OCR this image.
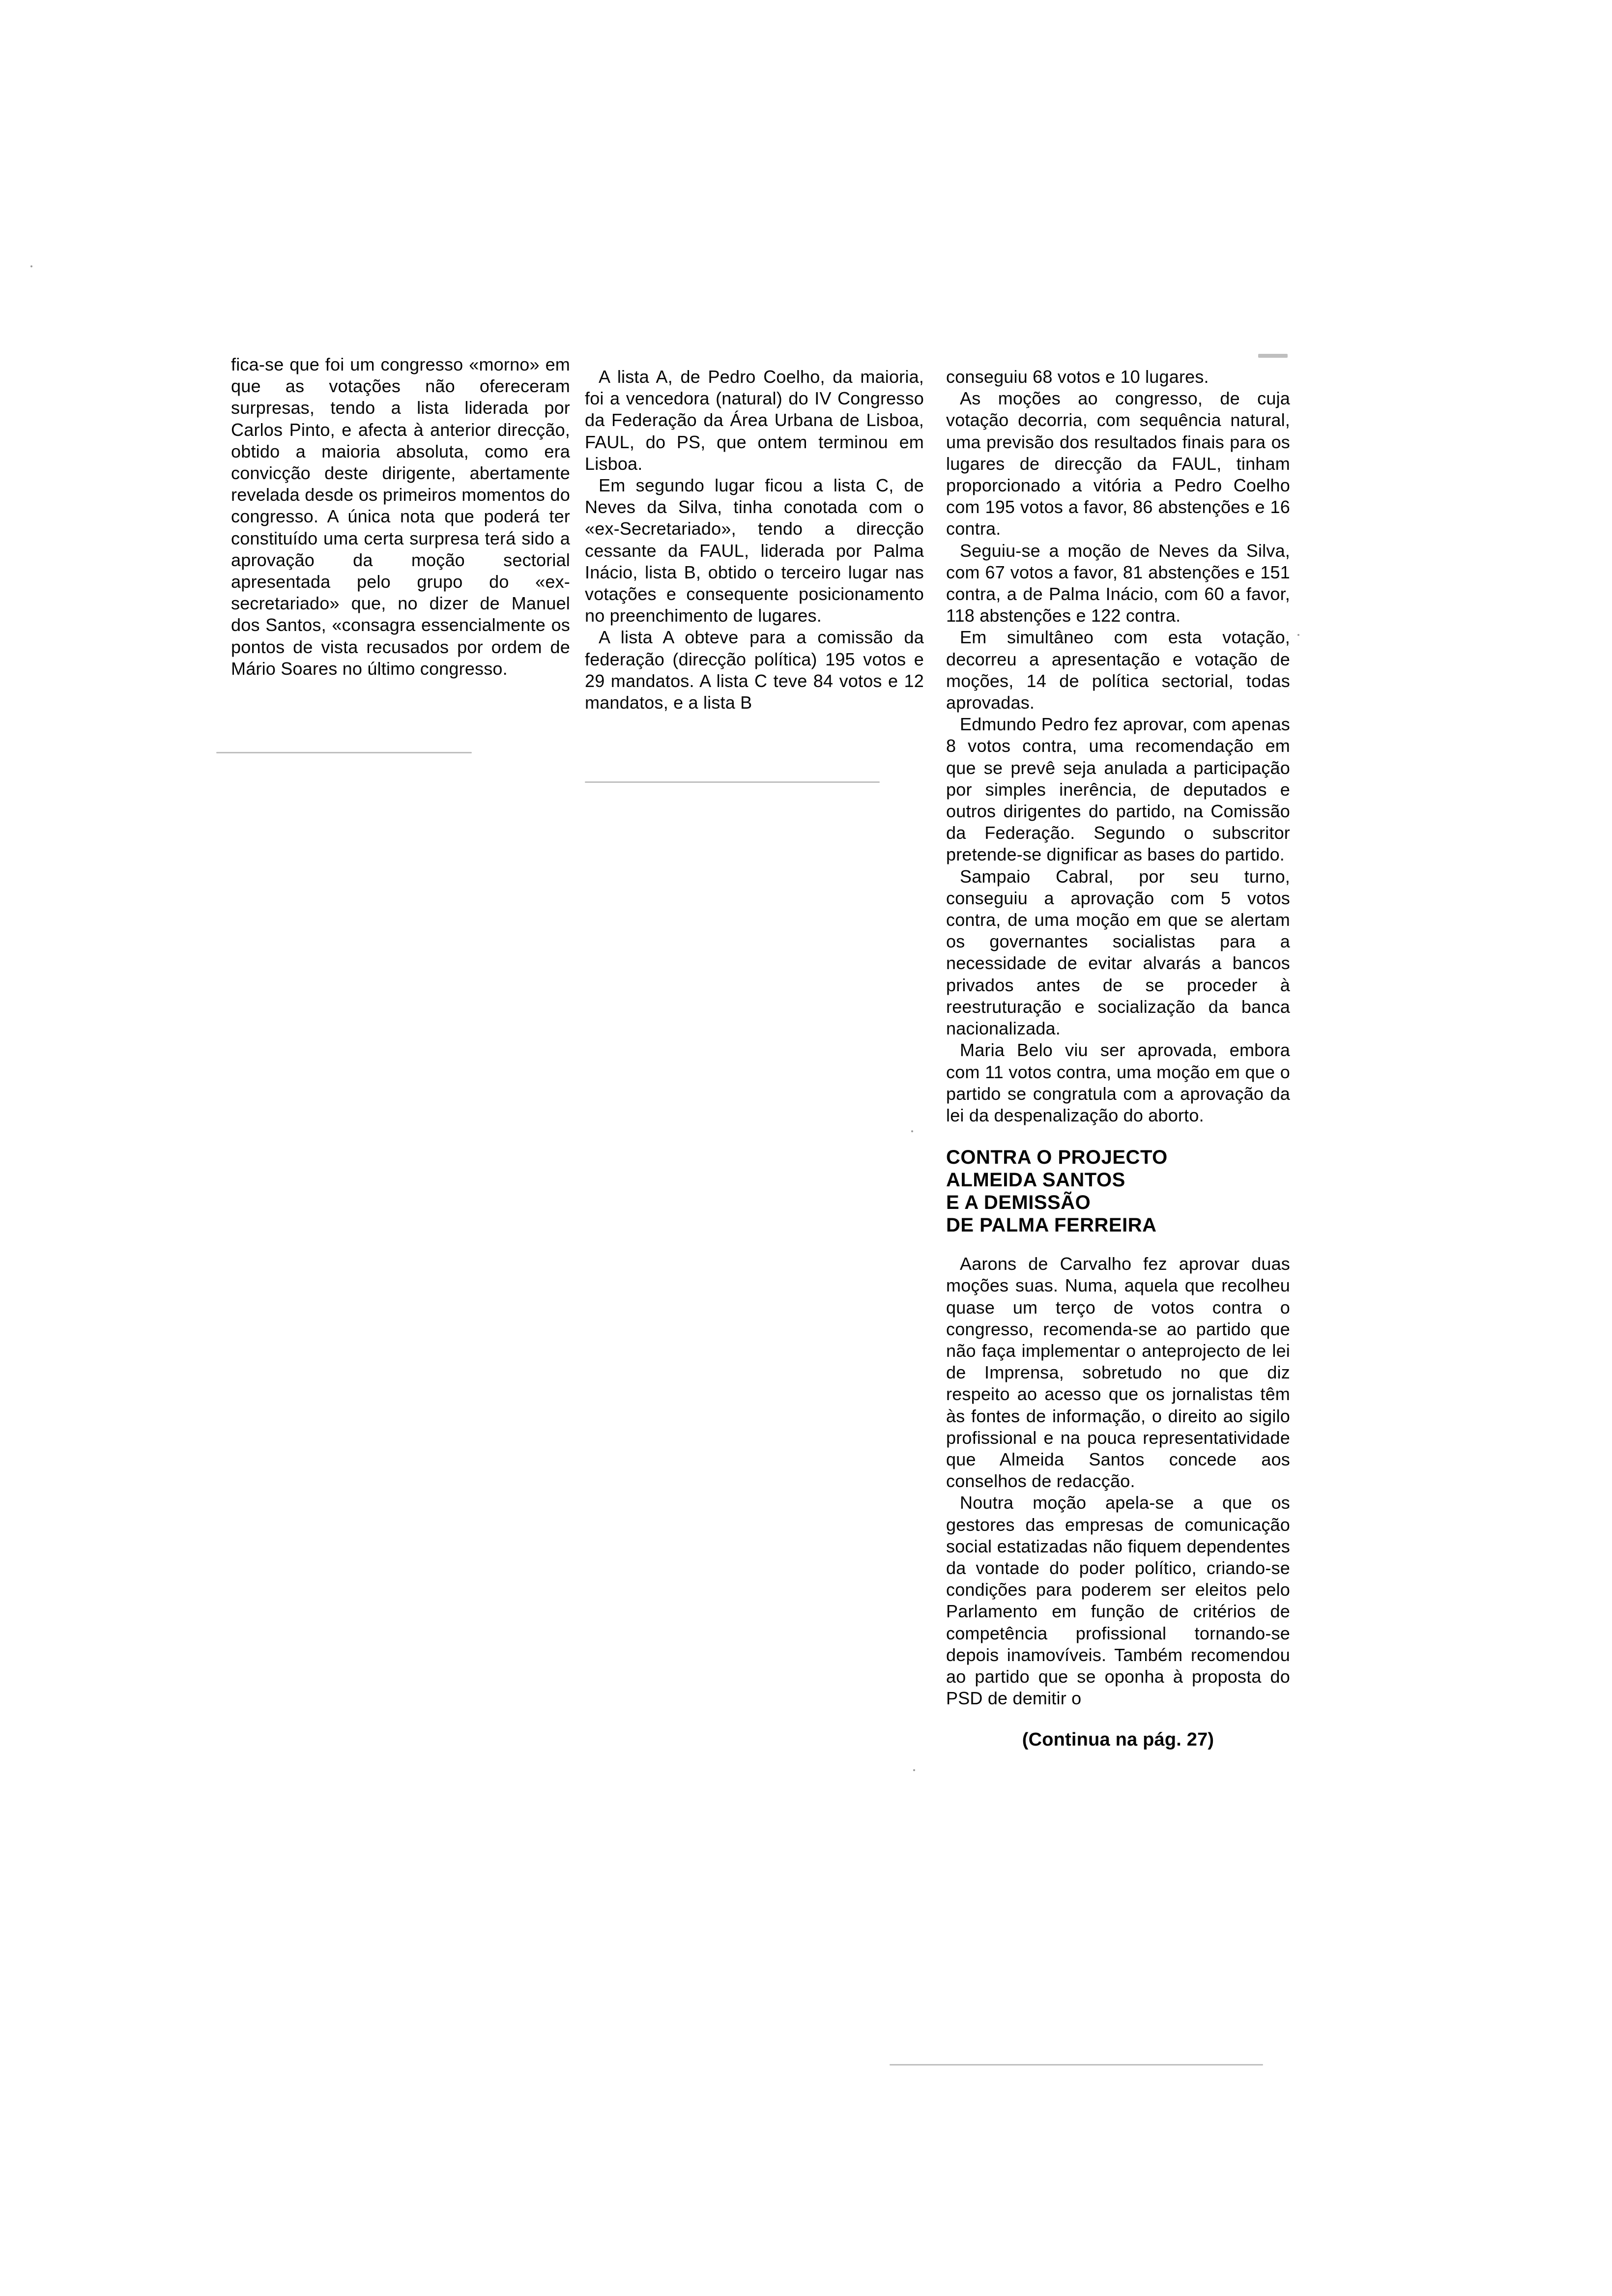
fica-se que foi um congresso «morno» em que as votações não ofereceram surpresas, tendo a lista liderada por Carlos Pinto, e afecta à anterior direcção, obtido a maioria absoluta, como era convicção deste dirigente, abertamente revelada desde os primeiros momentos do congresso. A única nota que poderá ter constituído uma certa surpresa terá sido a aprovação da moção sectorial apresentada pelo grupo do «ex-secretariado» que, no dizer de Manuel dos Santos, «consagra essencialmente os pontos de vista recusados por ordem de Mário Soares no último congresso.

A lista A, de Pedro Coelho, da maioria, foi a vencedora (natural) do IV Congresso da Federação da Área Urbana de Lisboa, FAUL, do PS, que ontem terminou em Lisboa.

Em segundo lugar ficou a lista C, de Neves da Silva, tinha conotada com o «ex-Secretariado», tendo a direcção cessante da FAUL, liderada por Palma Inácio, lista B, obtido o terceiro lugar nas votações e consequente posicionamento no preenchimento de lugares.

A lista A obteve para a comissão da federação (direcção política) 195 votos e 29 mandatos. A lista C teve 84 votos e 12 mandatos, e a lista B

conseguiu 68 votos e 10 lugares.

As moções ao congresso, de cuja votação decorria, com sequência natural, uma previsão dos resultados finais para os lugares de direcção da FAUL, tinham proporcionado a vitória a Pedro Coelho com 195 votos a favor, 86 abstenções e 16 contra.

Seguiu-se a moção de Neves da Silva, com 67 votos a favor, 81 abstenções e 151 contra, a de Palma Inácio, com 60 a favor, 118 abstenções e 122 contra.

Em simultâneo com esta votação, decorreu a apresentação e votação de moções, 14 de política sectorial, todas aprovadas.

Edmundo Pedro fez aprovar, com apenas 8 votos contra, uma recomendação em que se prevê seja anulada a participação por simples inerência, de deputados e outros dirigentes do partido, na Comissão da Federação. Segundo o subscritor pretende-se dignificar as bases do partido.

Sampaio Cabral, por seu turno, conseguiu a aprovação com 5 votos contra, de uma moção em que se alertam os governantes socialistas para a necessidade de evitar alvarás a bancos privados antes de se proceder à reestruturação e socialização da banca nacionalizada.

Maria Belo viu ser aprovada, embora com 11 votos contra, uma moção em que o partido se congratula com a aprovação da lei da despenalização do aborto.

CONTRA O PROJECTO
ALMEIDA SANTOS
E A DEMISSÃO
DE PALMA FERREIRA

Aarons de Carvalho fez aprovar duas moções suas. Numa, aquela que recolheu quase um terço de votos contra o congresso, recomenda-se ao partido que não faça implementar o anteprojecto de lei de Imprensa, sobretudo no que diz respeito ao acesso que os jornalistas têm às fontes de informação, o direito ao sigilo profissional e na pouca representatividade que Almeida Santos concede aos conselhos de redacção.

Noutra moção apela-se a que os gestores das empresas de comunicação social estatizadas não fiquem dependentes da vontade do poder político, criando-se condições para poderem ser eleitos pelo Parlamento em função de critérios de competência profissional tornando-se depois inamovíveis. Também recomendou ao partido que se oponha à proposta do PSD de demitir o

(Continua na pág. 27)
